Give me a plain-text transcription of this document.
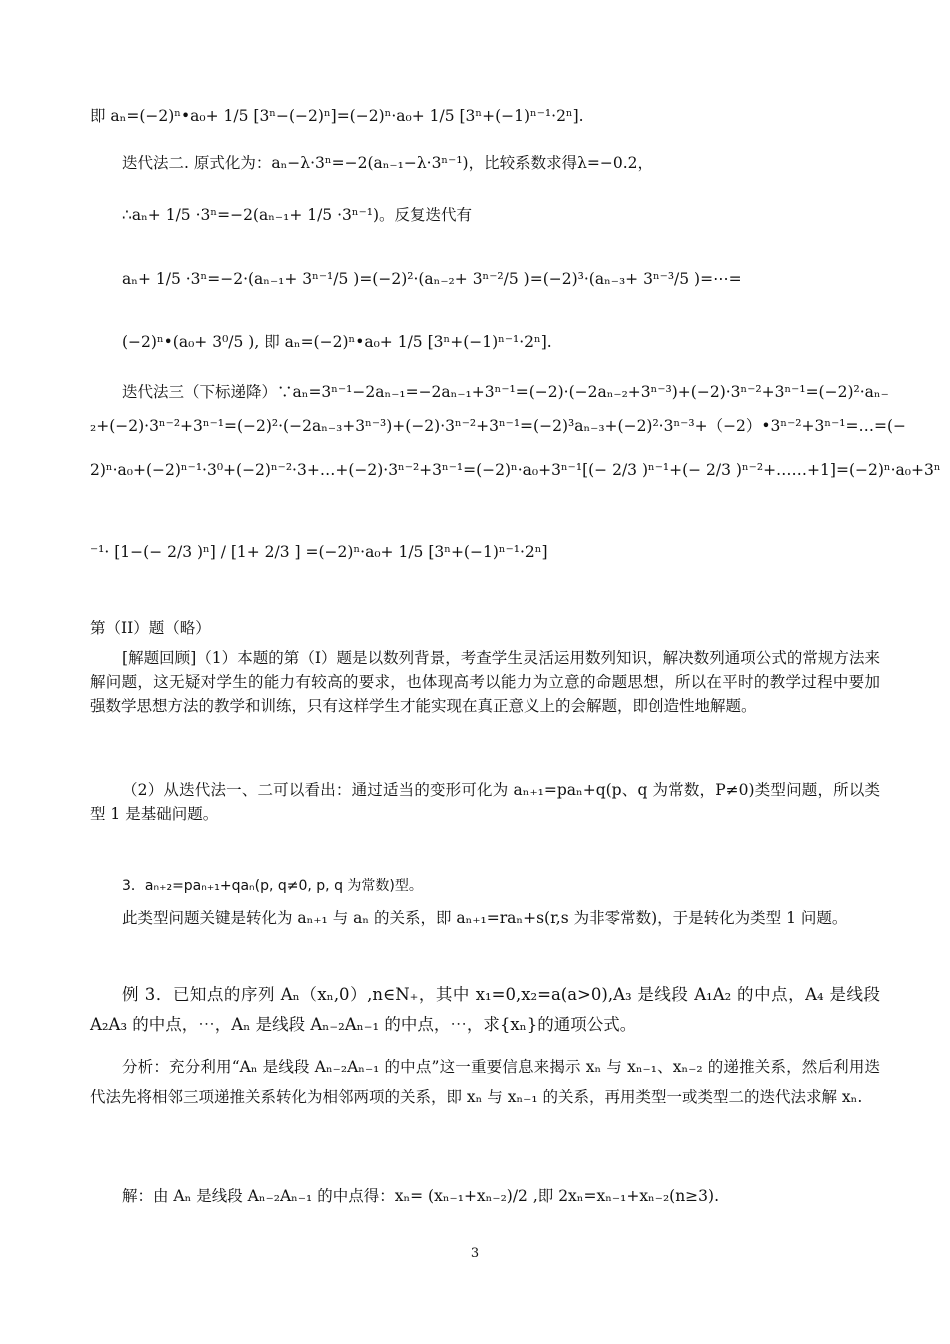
即 aₙ=(−2)ⁿ•a₀+ 1/5 [3ⁿ−(−2)ⁿ]=(−2)ⁿ·a₀+ 1/5 [3ⁿ+(−1)ⁿ⁻¹·2ⁿ].
迭代法二. 原式化为：aₙ−λ·3ⁿ=−2(aₙ₋₁−λ·3ⁿ⁻¹)，比较系数求得λ=−0.2，
∴aₙ+ 1/5 ·3ⁿ=−2(aₙ₋₁+ 1/5 ·3ⁿ⁻¹)。反复迭代有
aₙ+ 1/5 ·3ⁿ=−2·(aₙ₋₁+ 3ⁿ⁻¹/5 )=(−2)²·(aₙ₋₂+ 3ⁿ⁻²/5 )=(−2)³·(aₙ₋₃+ 3ⁿ⁻³/5 )=⋯=
(−2)ⁿ•(a₀+ 3⁰/5 ), 即 aₙ=(−2)ⁿ•a₀+ 1/5 [3ⁿ+(−1)ⁿ⁻¹·2ⁿ].
迭代法三（下标递降）∵aₙ=3ⁿ⁻¹−2aₙ₋₁=−2aₙ₋₁+3ⁿ⁻¹=(−2)·(−2aₙ₋₂+3ⁿ⁻³)+(−2)·3ⁿ⁻²+3ⁿ⁻¹=(−2)²·aₙ₋
₂+(−2)·3ⁿ⁻²+3ⁿ⁻¹=(−2)²·(−2aₙ₋₃+3ⁿ⁻³)+(−2)·3ⁿ⁻²+3ⁿ⁻¹=(−2)³aₙ₋₃+(−2)²·3ⁿ⁻³+（−2）•3ⁿ⁻²+3ⁿ⁻¹=…=(−
2)ⁿ·a₀+(−2)ⁿ⁻¹·3⁰+(−2)ⁿ⁻²·3+…+(−2)·3ⁿ⁻²+3ⁿ⁻¹=(−2)ⁿ·a₀+3ⁿ⁻¹[(− 2/3 )ⁿ⁻¹+(− 2/3 )ⁿ⁻²+……+1]=(−2)ⁿ·a₀+3ⁿ
⁻¹· [1−(− 2/3 )ⁿ] / [1+ 2/3 ] =(−2)ⁿ·a₀+ 1/5 [3ⁿ+(−1)ⁿ⁻¹·2ⁿ]
第（II）题（略）
[解题回顾]（1）本题的第（I）题是以数列背景，考查学生灵活运用数列知识，解决数列通项公式的常规方法来解问题，这无疑对学生的能力有较高的要求，也体现高考以能力为立意的命题思想，所以在平时的教学过程中要加强数学思想方法的教学和训练，只有这样学生才能实现在真正意义上的会解题，即创造性地解题。
（2）从迭代法一、二可以看出：通过适当的变形可化为 aₙ₊₁=paₙ+q(p、q 为常数，P≠0)类型问题，所以类型 1 是基础问题。
3．aₙ₊₂=paₙ₊₁+qaₙ(p, q≠0, p, q 为常数)型。
此类型问题关键是转化为 aₙ₊₁ 与 aₙ 的关系，即 aₙ₊₁=raₙ+s(r,s 为非零常数)，于是转化为类型 1 问题。
例 3．已知点的序列 Aₙ（xₙ,0）,n∈N₊，其中 x₁=0,x₂=a(a>0),A₃ 是线段 A₁A₂ 的中点，A₄ 是线段 A₂A₃ 的中点，⋯，Aₙ 是线段 Aₙ₋₂Aₙ₋₁ 的中点，⋯，求{xₙ}的通项公式。
分析：充分利用“Aₙ 是线段 Aₙ₋₂Aₙ₋₁ 的中点”这一重要信息来揭示 xₙ 与 xₙ₋₁、xₙ₋₂ 的递推关系，然后利用迭代法先将相邻三项递推关系转化为相邻两项的关系，即 xₙ 与 xₙ₋₁ 的关系，再用类型一或类型二的迭代法求解 xₙ.
解：由 Aₙ 是线段 Aₙ₋₂Aₙ₋₁ 的中点得：xₙ= (xₙ₋₁+xₙ₋₂)/2 ,即 2xₙ=xₙ₋₁+xₙ₋₂(n≥3).
3
